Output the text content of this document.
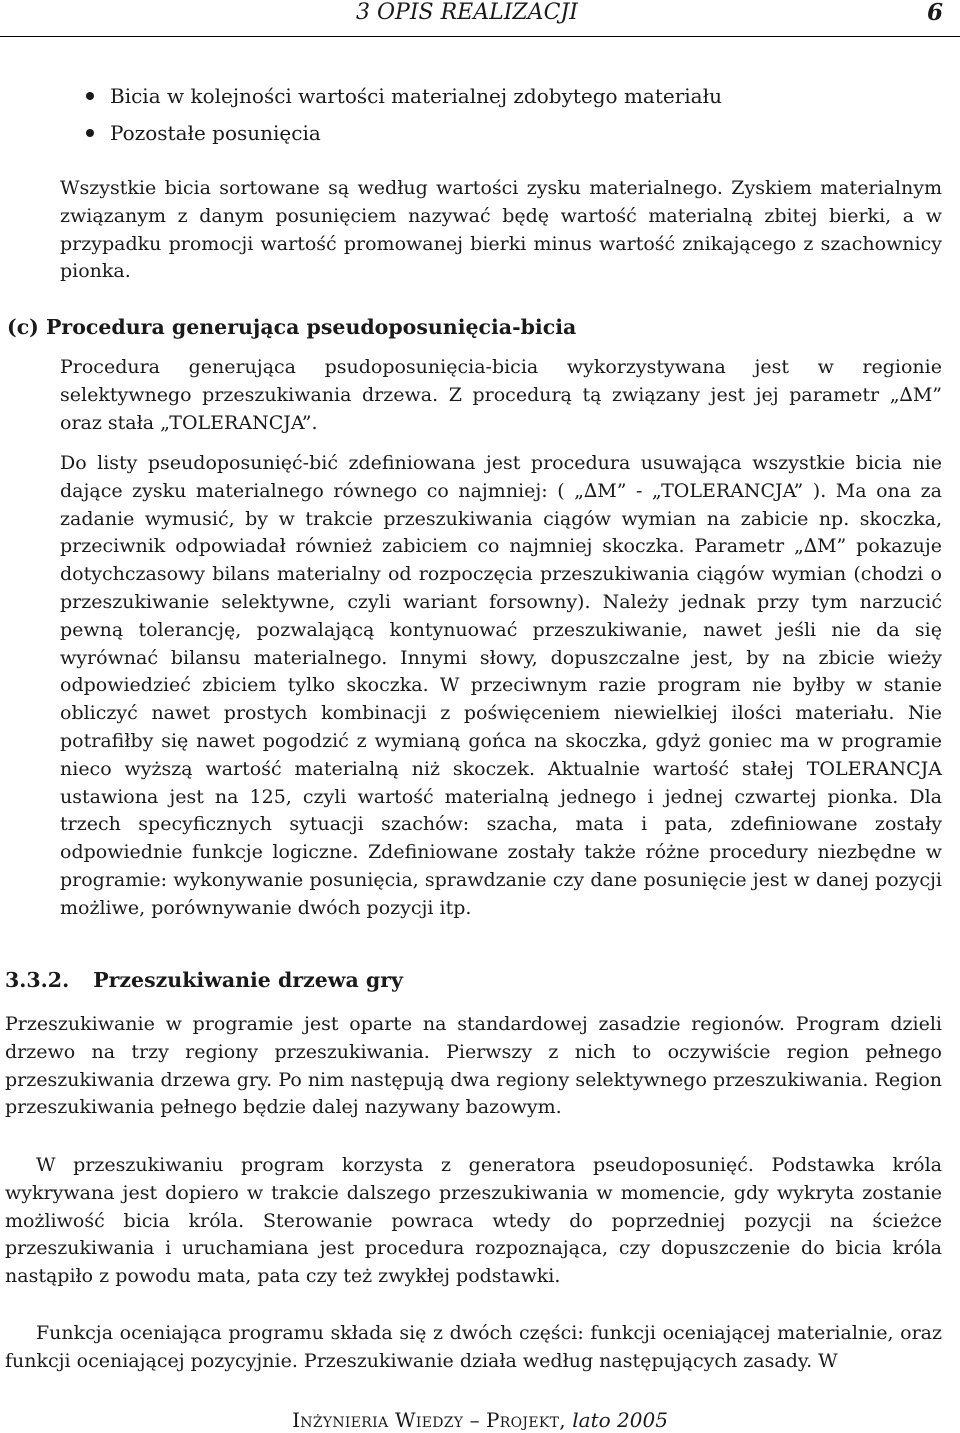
3 OPIS REALIZACJI	6
Bicia w kolejności wartości materialnej zdobytego materiału
Pozostałe posunięcia

Wszystkie bicia sortowane są według wartości zysku materialnego. Zyskiem materialnym związanym z danym posunięciem nazywać będę wartość materialną zbitej bierki, a w przypadku promocji wartość promowanej bierki minus wartość znikającego z szachownicy pionka.

(c) Procedura generująca pseudoposunięcia-bicia

Procedura generująca psudoposunięcia-bicia wykorzystywana jest w regionie selektywnego przeszukiwania drzewa. Z procedurą tą związany jest jej parametr „∆M” oraz stała „TOLERANCJA”.

Do listy pseudoposunięć-bić zdefiniowana jest procedura usuwająca wszystkie bicia nie dające zysku materialnego równego co najmniej: ( „∆M” - „TOLERANCJA” ). Ma ona za zadanie wymusić, by w trakcie przeszukiwania ciągów wymian na zabicie np. skoczka, przeciwnik odpowiadał również zabiciem co najmniej skoczka. Parametr „∆M” pokazuje dotychczasowy bilans materialny od rozpoczęcia przeszukiwania ciągów wymian (chodzi o przeszukiwanie selektywne, czyli wariant forsowny). Należy jednak przy tym narzucić pewną tolerancję, pozwalającą kontynuować przeszukiwanie, nawet jeśli nie da się wyrównać bilansu materialnego. Innymi słowy, dopuszczalne jest, by na zbicie wieży odpowiedzieć zbiciem tylko skoczka. W przeciwnym razie program nie byłby w stanie obliczyć nawet prostych kombinacji z poświęceniem niewielkiej ilości materiału. Nie potrafiłby się nawet pogodzić z wymianą gońca na skoczka, gdyż goniec ma w programie nieco wyższą wartość materialną niż skoczek. Aktualnie wartość stałej TOLERANCJA ustawiona jest na 125, czyli wartość materialną jednego i jednej czwartej pionka. Dla trzech specyficznych sytuacji szachów: szacha, mata i pata, zdefiniowane zostały odpowiednie funkcje logiczne. Zdefiniowane zostały także różne procedury niezbędne w programie: wykonywanie posunięcia, sprawdzanie czy dane posunięcie jest w danej pozycji możliwe, porównywanie dwóch pozycji itp.

3.3.2. Przeszukiwanie drzewa gry

Przeszukiwanie w programie jest oparte na standardowej zasadzie regionów. Program dzieli drzewo na trzy regiony przeszukiwania. Pierwszy z nich to oczywiście region pełnego przeszukiwania drzewa gry. Po nim następują dwa regiony selektywnego przeszukiwania. Region przeszukiwania pełnego będzie dalej nazywany bazowym.

W przeszukiwaniu program korzysta z generatora pseudoposunięć. Podstawka króla wykrywana jest dopiero w trakcie dalszego przeszukiwania w momencie, gdy wykryta zostanie możliwość bicia króla. Sterowanie powraca wtedy do poprzedniej pozycji na ścieżce przeszukiwania i uruchamiana jest procedura rozpoznająca, czy dopuszczenie do bicia króla nastąpiło z powodu mata, pata czy też zwykłej podstawki.

Funkcja oceniająca programu składa się z dwóch części: funkcji oceniającej materialnie, oraz funkcji oceniającej pozycyjnie. Przeszukiwanie działa według następujących zasady. W

Inżynieria Wiedzy – Projekt, lato 2005
